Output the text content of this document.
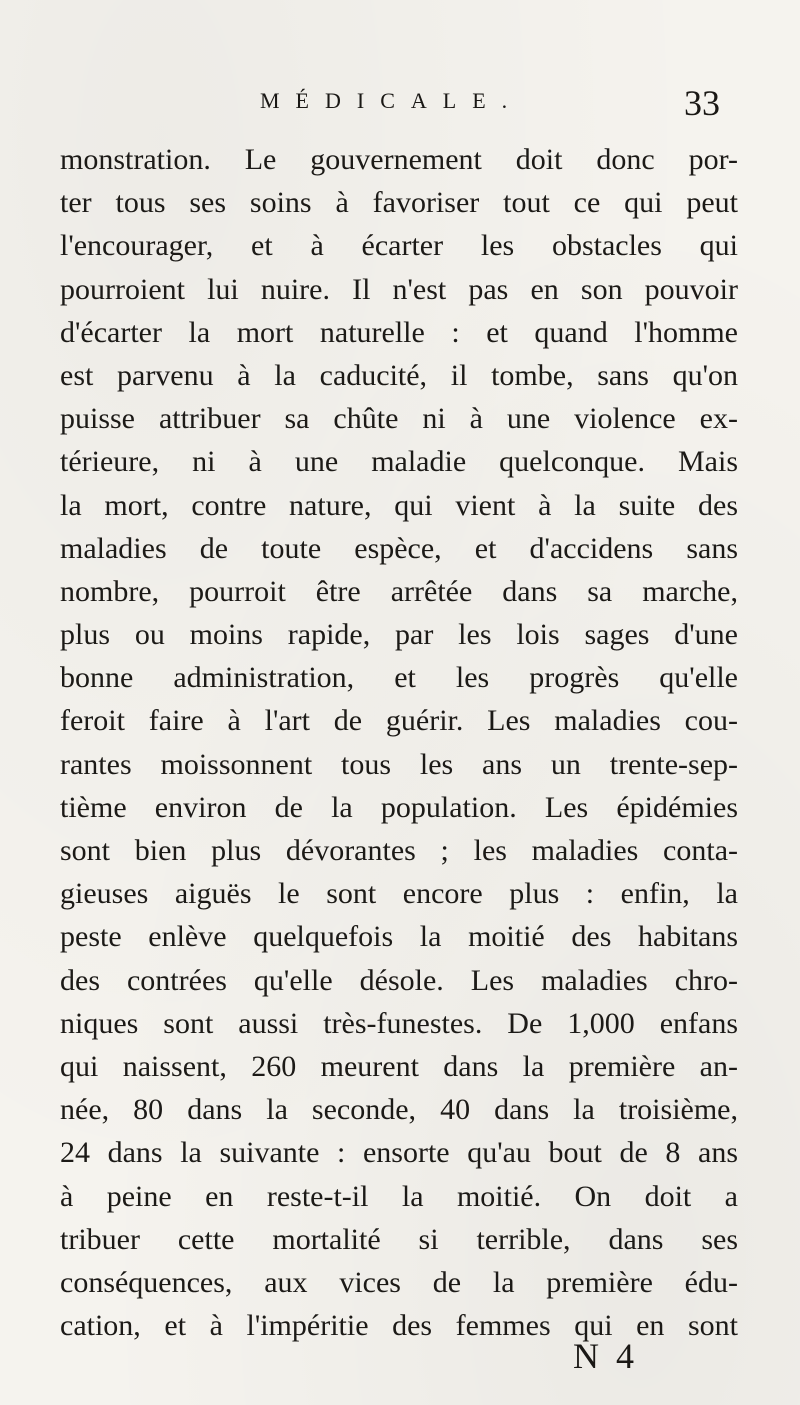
MÉDICALE.	33
monstration. Le gouvernement doit donc por-
ter tous ses soins à favoriser tout ce qui peut
l'encourager, et à écarter les obstacles qui
pourroient lui nuire. Il n'est pas en son pouvoir
d'écarter la mort naturelle : et quand l'homme
est parvenu à la caducité, il tombe, sans qu'on
puisse attribuer sa chûte ni à une violence ex-
térieure, ni à une maladie quelconque. Mais
la mort, contre nature, qui vient à la suite des
maladies de toute espèce, et d'accidens sans
nombre, pourroit être arrêtée dans sa marche,
plus ou moins rapide, par les lois sages d'une
bonne administration, et les progrès qu'elle
feroit faire à l'art de guérir. Les maladies cou-
rantes moissonnent tous les ans un trente-sep-
tième environ de la population. Les épidémies
sont bien plus dévorantes ; les maladies conta-
gieuses aiguës le sont encore plus : enfin, la
peste enlève quelquefois la moitié des habitans
des contrées qu'elle désole. Les maladies chro-
niques sont aussi très-funestes. De 1,000 enfans
qui naissent, 260 meurent dans la première an-
née, 80 dans la seconde, 40 dans la troisième,
24 dans la suivante : ensorte qu'au bout de 8 ans
à peine en reste-t-il la moitié. On doit a
tribuer cette mortalité si terrible, dans ses
conséquences, aux vices de la première édu-
cation, et à l'impéritie des femmes qui en sont
N 4
